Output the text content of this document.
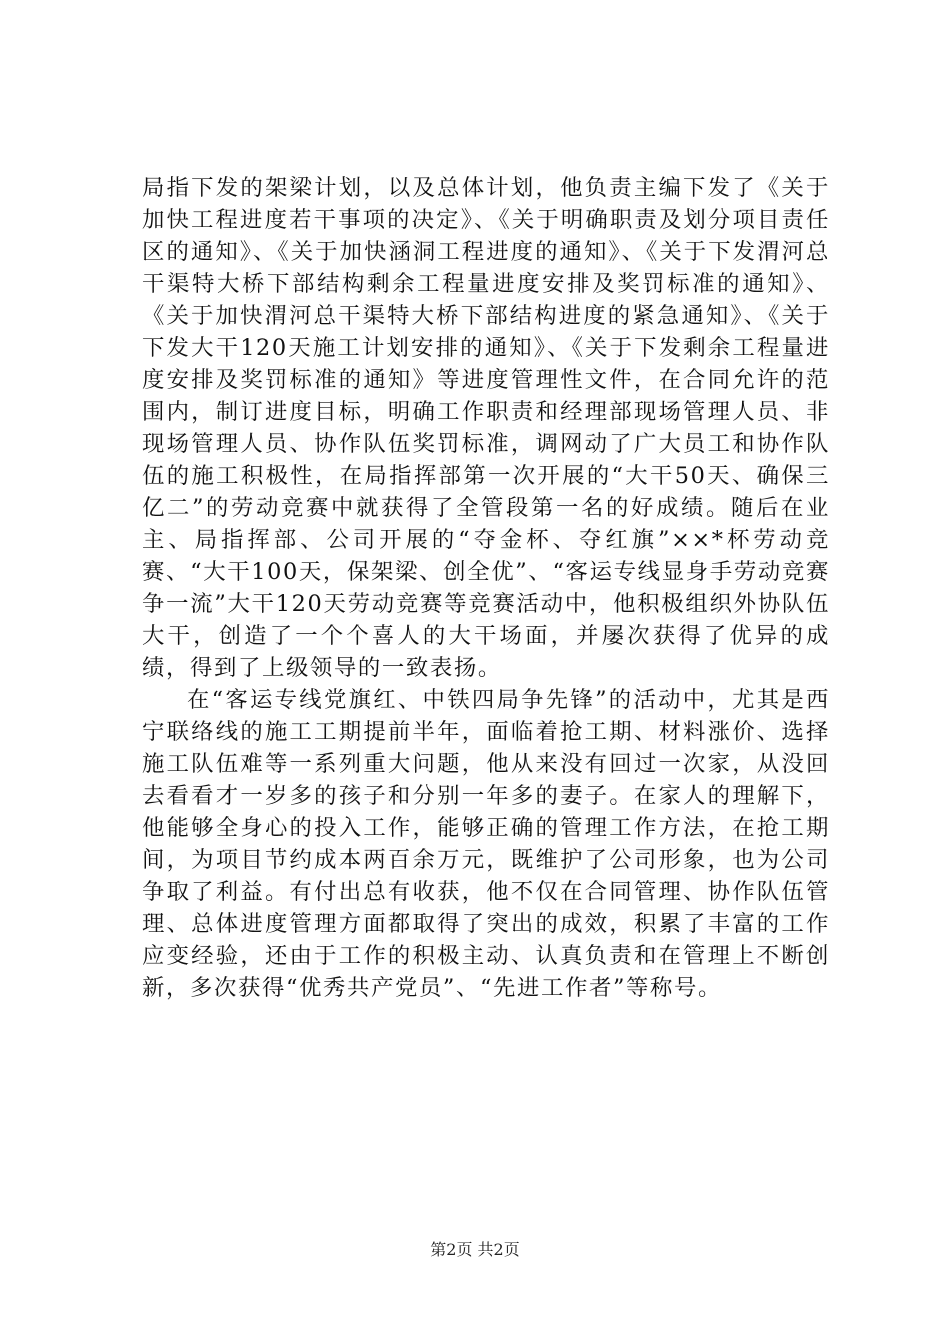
局指下发的架梁计划，以及总体计划，他负责主编下发了《关于加快工程进度若干事项的决定》、《关于明确职责及划分项目责任区的通知》、《关于加快涵洞工程进度的通知》、《关于下发渭河总干渠特大桥下部结构剩余工程量进度安排及奖罚标准的通知》、《关于加快渭河总干渠特大桥下部结构进度的紧急通知》、《关于下发大干120天施工计划安排的通知》、《关于下发剩余工程量进度安排及奖罚标准的通知》等进度管理性文件，在合同允许的范围内，制订进度目标，明确工作职责和经理部现场管理人员、非现场管理人员、协作队伍奖罚标准，调网动了广大员工和协作队伍的施工积极性，在局指挥部第一次开展的“大干50天、确保三亿二”的劳动竞赛中就获得了全管段第一名的好成绩。随后在业主、局指挥部、公司开展的“夺金杯、夺红旗”××*杯劳动竞赛、“大干100天，保架梁、创全优”、“客运专线显身手劳动竞赛争一流”大干120天劳动竞赛等竞赛活动中，他积极组织外协队伍大干，创造了一个个喜人的大干场面，并屡次获得了优异的成绩，得到了上级领导的一致表扬。

在“客运专线党旗红、中铁四局争先锋”的活动中，尤其是西宁联络线的施工工期提前半年，面临着抢工期、材料涨价、选择施工队伍难等一系列重大问题，他从来没有回过一次家，从没回去看看才一岁多的孩子和分别一年多的妻子。在家人的理解下，他能够全身心的投入工作，能够正确的管理工作方法，在抢工期间，为项目节约成本两百余万元，既维护了公司形象，也为公司争取了利益。有付出总有收获，他不仅在合同管理、协作队伍管理、总体进度管理方面都取得了突出的成效，积累了丰富的工作应变经验，还由于工作的积极主动、认真负责和在管理上不断创新，多次获得“优秀共产党员”、“先进工作者”等称号。

第2页 共2页
